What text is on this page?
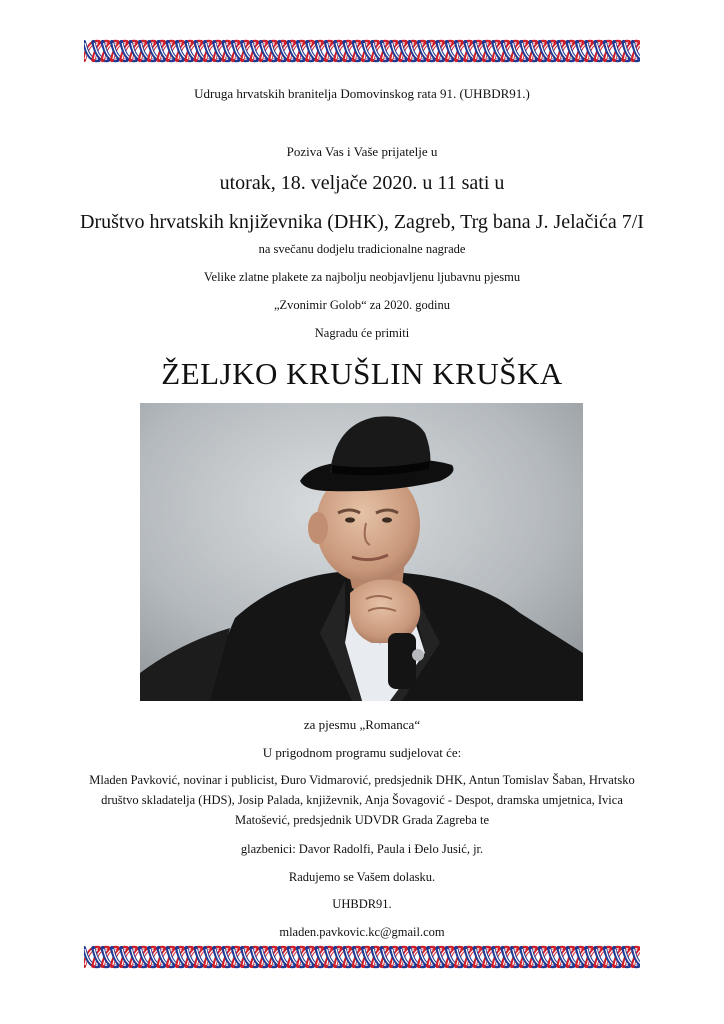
Udruga hrvatskih branitelja Domovinskog rata 91. (UHBDR91.)
Poziva Vas i Vaše prijatelje u
utorak, 18. veljače 2020. u 11 sati u
Društvo hrvatskih književnika (DHK), Zagreb, Trg bana J. Jelačića 7/I
na svečanu dodjelu tradicionalne nagrade
Velike zlatne plakete za najbolju neobjavljenu ljubavnu pjesmu
„Zvonimir Golob“ za 2020. godinu
Nagradu će primiti
ŽELJKO KRUŠLIN KRUŠKA
za pjesmu „Romanca“
U prigodnom programu sudjelovat će:
Mladen Pavković, novinar i publicist, Đuro Vidmarović, predsjednik DHK, Antun Tomislav Šaban, Hrvatsko društvo skladatelja (HDS), Josip Palada, književnik, Anja Šovagović - Despot, dramska umjetnica, Ivica Matošević, predsjednik UDVDR Grada Zagreba te
glazbenici: Davor Radolfi, Paula i Đelo Jusić, jr.
Radujemo se Vašem dolasku.
UHBDR91.
mladen.pavkovic.kc@gmail.com
